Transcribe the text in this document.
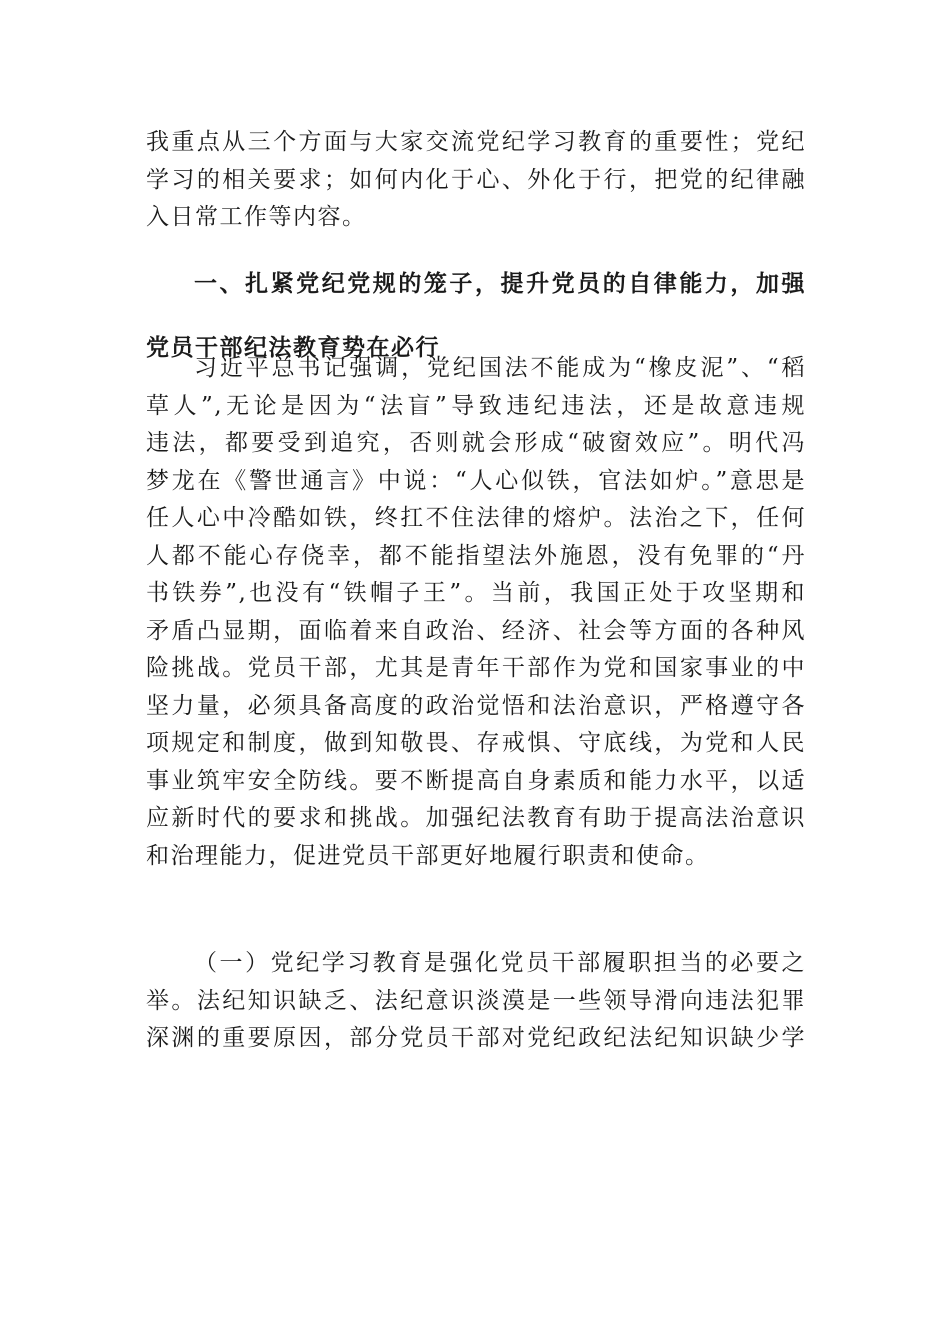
我重点从三个方面与大家交流党纪学习教育的重要性；党纪
学习的相关要求；如何内化于心、外化于行，把党的纪律融
入日常工作等内容。
一、扎紧党纪党规的笼子，提升党员的自律能力，加强
党员干部纪法教育势在必行
习近平总书记强调，党纪国法不能成为“橡皮泥”、“稻
草人”,无论是因为“法盲”导致违纪违法，还是故意违规
违法，都要受到追究，否则就会形成“破窗效应”。明代冯
梦龙在《警世通言》中说：“人心似铁，官法如炉。”意思是
任人心中冷酷如铁，终扛不住法律的熔炉。法治之下，任何
人都不能心存侥幸，都不能指望法外施恩，没有免罪的“丹
书铁券”,也没有“铁帽子王”。当前，我国正处于攻坚期和
矛盾凸显期，面临着来自政治、经济、社会等方面的各种风
险挑战。党员干部，尤其是青年干部作为党和国家事业的中
坚力量，必须具备高度的政治觉悟和法治意识，严格遵守各
项规定和制度，做到知敬畏、存戒惧、守底线，为党和人民
事业筑牢安全防线。要不断提高自身素质和能力水平，以适
应新时代的要求和挑战。加强纪法教育有助于提高法治意识
和治理能力，促进党员干部更好地履行职责和使命。
（一）党纪学习教育是强化党员干部履职担当的必要之
举。法纪知识缺乏、法纪意识淡漠是一些领导滑向违法犯罪
深渊的重要原因，部分党员干部对党纪政纪法纪知识缺少学
